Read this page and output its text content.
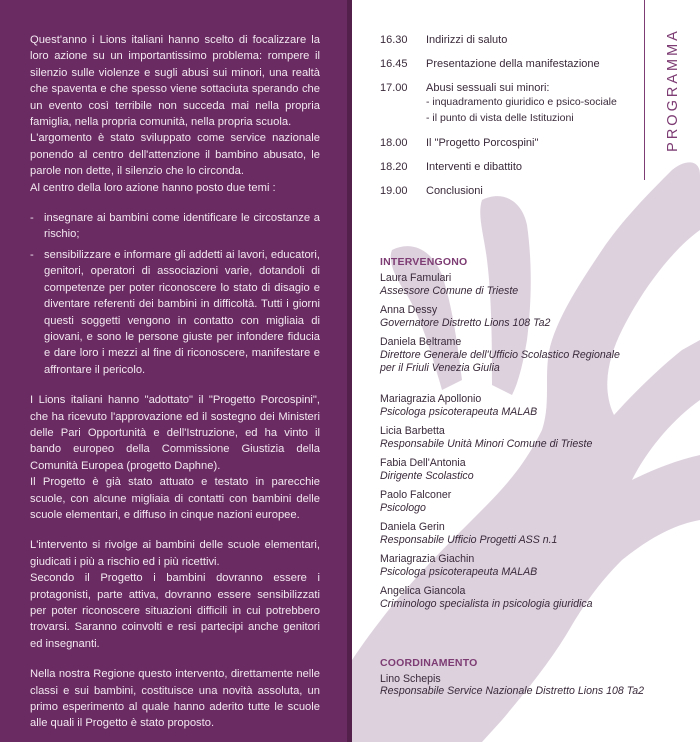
Quest'anno i Lions italiani hanno scelto di focalizzare la loro azione su un importantissimo problema: rompere il silenzio sulle violenze e sugli abusi sui minori, una realtà che spaventa e che spesso viene sottaciuta sperando che un evento così terribile non succeda mai nella propria famiglia, nella propria comunità, nella propria scuola.

L'argomento è stato sviluppato come service nazionale ponendo al centro dell'attenzione il bambino abusato, le parole non dette, il silenzio che lo circonda.

Al centro della loro azione hanno posto due temi :

- insegnare ai bambini come identificare le circostanze a rischio;
- sensibilizzare e informare gli addetti ai lavori, educatori, genitori, operatori di associazioni varie, dotandoli di competenze per poter riconoscere lo stato di disagio e diventare referenti dei bambini in difficoltà. Tutti i giorni questi soggetti vengono in contatto con migliaia di giovani, e sono le persone giuste per infondere fiducia e dare loro i mezzi al fine di riconoscere, manifestare e affrontare il pericolo.

I Lions italiani hanno "adottato" il "Progetto Porcospini", che ha ricevuto l'approvazione ed il sostegno dei Ministeri delle Pari Opportunità e dell'Istruzione, ed ha vinto il bando europeo della Commissione Giustizia della Comunità Europea (progetto Daphne).

Il Progetto è già stato attuato e testato in parecchie scuole, con alcune migliaia di contatti con bambini delle scuole elementari, e diffuso in cinque nazioni europee.

L'intervento si rivolge ai bambini delle scuole elementari, giudicati i più a rischio ed i più ricettivi.

Secondo il Progetto i bambini dovranno essere i protagonisti, parte attiva, dovranno essere sensibilizzati per poter riconoscere situazioni difficili in cui potrebbero trovarsi. Saranno coinvolti e resi partecipi anche genitori ed insegnanti.

Nella nostra Regione questo intervento, direttamente nelle classi e sui bambini, costituisce una novità assoluta, un primo esperimento al quale hanno aderito tutte le scuole alle quali il Progetto è stato proposto.

PROGRAMMA
16.30	Indirizzi di saluto
16.45	Presentazione della manifestazione
17.00	Abusi sessuali sui minori:
- inquadramento giuridico e psico-sociale
- il punto di vista delle Istituzioni
18.00	Il "Progetto Porcospini"
18.20	Interventi e dibattito
19.00	Conclusioni
INTERVENGONO
Laura Famulari
Assessore Comune di Trieste
Anna Dessy
Governatore Distretto Lions 108 Ta2
Daniela Beltrame
Direttore Generale dell'Ufficio Scolastico Regionale
per il Friuli Venezia Giulia
Mariagrazia Apollonio
Psicologa psicoterapeuta MALAB
Licia Barbetta
Responsabile Unità Minori Comune di Trieste
Fabia Dell'Antonia
Dirigente Scolastico
Paolo Falconer
Psicologo
Daniela Gerin
Responsabile Ufficio Progetti ASS n.1
Mariagrazia Giachin
Psicologa psicoterapeuta MALAB
Angelica Giancola
Criminologo specialista in psicologia giuridica
COORDINAMENTO
Lino Schepis
Responsabile Service Nazionale Distretto Lions 108 Ta2
